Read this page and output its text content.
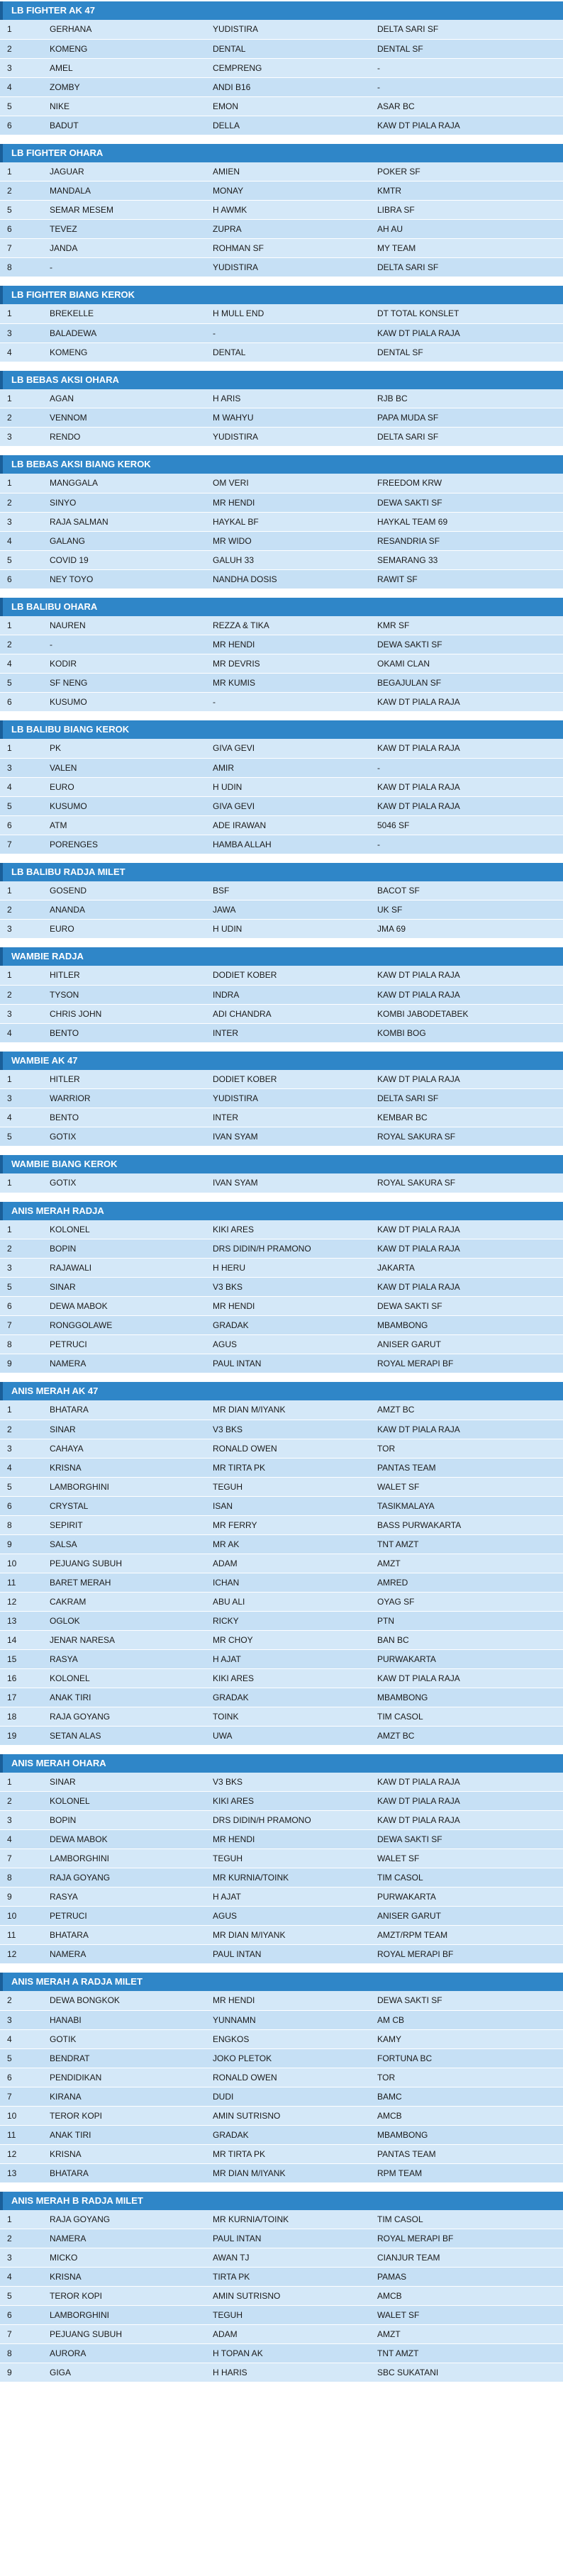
LB FIGHTER AK 47
1	GERHANA	YUDISTIRA	DELTA SARI SF
2	KOMENG	DENTAL	DENTAL SF
3	AMEL	CEMPRENG	-
4	ZOMBY	ANDI B16	-
5	NIKE	EMON	ASAR BC
6	BADUT	DELLA	KAW DT PIALA RAJA
LB FIGHTER OHARA
1	JAGUAR	AMIEN	POKER SF
2	MANDALA	MONAY	KMTR
5	SEMAR MESEM	H AWMK	LIBRA SF
6	TEVEZ	ZUPRA	AH AU
7	JANDA	ROHMAN SF	MY TEAM
8	-	YUDISTIRA	DELTA SARI SF
LB FIGHTER BIANG KEROK
1	BREKELLE	H MULL END	DT TOTAL KONSLET
3	BALADEWA	-	KAW DT PIALA RAJA
4	KOMENG	DENTAL	DENTAL SF
LB BEBAS AKSI OHARA
1	AGAN	H ARIS	RJB BC
2	VENNOM	M WAHYU	PAPA MUDA SF
3	RENDO	YUDISTIRA	DELTA SARI SF
LB BEBAS AKSI BIANG KEROK
1	MANGGALA	OM VERI	FREEDOM KRW
2	SINYO	MR HENDI	DEWA SAKTI SF
3	RAJA SALMAN	HAYKAL BF	HAYKAL TEAM 69
4	GALANG	MR WIDO	RESANDRIA SF
5	COVID 19	GALUH 33	SEMARANG 33
6	NEY TOYO	NANDHA DOSIS	RAWIT SF
LB BALIBU OHARA
1	NAUREN	REZZA & TIKA	KMR SF
2	-	MR HENDI	DEWA SAKTI SF
4	KODIR	MR DEVRIS	OKAMI CLAN
5	SF NENG	MR KUMIS	BEGAJULAN SF
6	KUSUMO	-	KAW DT PIALA RAJA
LB BALIBU BIANG KEROK
1	PK	GIVA GEVI	KAW DT PIALA RAJA
3	VALEN	AMIR	-
4	EURO	H UDIN	KAW DT PIALA RAJA
5	KUSUMO	GIVA GEVI	KAW DT PIALA RAJA
6	ATM	ADE IRAWAN	5046 SF
7	PORENGES	HAMBA ALLAH	-
LB BALIBU RADJA MILET
1	GOSEND	BSF	BACOT SF
2	ANANDA	JAWA	UK SF
3	EURO	H UDIN	JMA 69
WAMBIE RADJA
1	HITLER	DODIET KOBER	KAW DT PIALA RAJA
2	TYSON	INDRA	KAW DT PIALA RAJA
3	CHRIS JOHN	ADI CHANDRA	KOMBI JABODETABEK
4	BENTO	INTER	KOMBI BOG
WAMBIE AK 47
1	HITLER	DODIET KOBER	KAW DT PIALA RAJA
3	WARRIOR	YUDISTIRA	DELTA SARI SF
4	BENTO	INTER	KEMBAR BC
5	GOTIX	IVAN SYAM	ROYAL SAKURA SF
WAMBIE BIANG KEROK
1	GOTIX	IVAN SYAM	ROYAL SAKURA SF
ANIS MERAH RADJA
1	KOLONEL	KIKI ARES	KAW DT PIALA RAJA
2	BOPIN	DRS DIDIN/H PRAMONO	KAW DT PIALA RAJA
3	RAJAWALI	H HERU	JAKARTA
5	SINAR	V3 BKS	KAW DT PIALA RAJA
6	DEWA MABOK	MR HENDI	DEWA SAKTI SF
7	RONGGOLAWE	GRADAK	MBAMBONG
8	PETRUCI	AGUS	ANISER GARUT
9	NAMERA	PAUL INTAN	ROYAL MERAPI BF
ANIS MERAH AK 47
1	BHATARA	MR DIAN M/IYANK	AMZT BC
2	SINAR	V3 BKS	KAW DT PIALA RAJA
3	CAHAYA	RONALD OWEN	TOR
4	KRISNA	MR TIRTA PK	PANTAS TEAM
5	LAMBORGHINI	TEGUH	WALET SF
6	CRYSTAL	ISAN	TASIKMALAYA
8	SEPIRIT	MR FERRY	BASS PURWAKARTA
9	SALSA	MR AK	TNT AMZT
10	PEJUANG SUBUH	ADAM	AMZT
11	BARET MERAH	ICHAN	AMRED
12	CAKRAM	ABU ALI	OYAG SF
13	OGLOK	RICKY	PTN
14	JENAR NARESA	MR CHOY	BAN BC
15	RASYA	H AJAT	PURWAKARTA
16	KOLONEL	KIKI ARES	KAW DT PIALA RAJA
17	ANAK TIRI	GRADAK	MBAMBONG
18	RAJA GOYANG	TOINK	TIM CASOL
19	SETAN ALAS	UWA	AMZT BC
ANIS MERAH OHARA
1	SINAR	V3 BKS	KAW DT PIALA RAJA
2	KOLONEL	KIKI ARES	KAW DT PIALA RAJA
3	BOPIN	DRS DIDIN/H PRAMONO	KAW DT PIALA RAJA
4	DEWA MABOK	MR HENDI	DEWA SAKTI SF
7	LAMBORGHINI	TEGUH	WALET SF
8	RAJA GOYANG	MR KURNIA/TOINK	TIM CASOL
9	RASYA	H AJAT	PURWAKARTA
10	PETRUCI	AGUS	ANISER GARUT
11	BHATARA	MR DIAN M/IYANK	AMZT/RPM TEAM
12	NAMERA	PAUL INTAN	ROYAL MERAPI BF
ANIS MERAH A RADJA MILET
2	DEWA BONGKOK	MR HENDI	DEWA SAKTI SF
3	HANABI	YUNNAMN	AM CB
4	GOTIK	ENGKOS	KAMY
5	BENDRAT	JOKO PLETOK	FORTUNA BC
6	PENDIDIKAN	RONALD OWEN	TOR
7	KIRANA	DUDI	BAMC
10	TEROR KOPI	AMIN SUTRISNO	AMCB
11	ANAK TIRI	GRADAK	MBAMBONG
12	KRISNA	MR TIRTA PK	PANTAS TEAM
13	BHATARA	MR DIAN M/IYANK	RPM TEAM
ANIS MERAH B RADJA MILET
1	RAJA GOYANG	MR KURNIA/TOINK	TIM CASOL
2	NAMERA	PAUL INTAN	ROYAL MERAPI BF
3	MICKO	AWAN TJ	CIANJUR TEAM
4	KRISNA	TIRTA PK	PAMAS
5	TEROR KOPI	AMIN SUTRISNO	AMCB
6	LAMBORGHINI	TEGUH	WALET SF
7	PEJUANG SUBUH	ADAM	AMZT
8	AURORA	H TOPAN AK	TNT AMZT
9	GIGA	H HARIS	SBC SUKATANI
